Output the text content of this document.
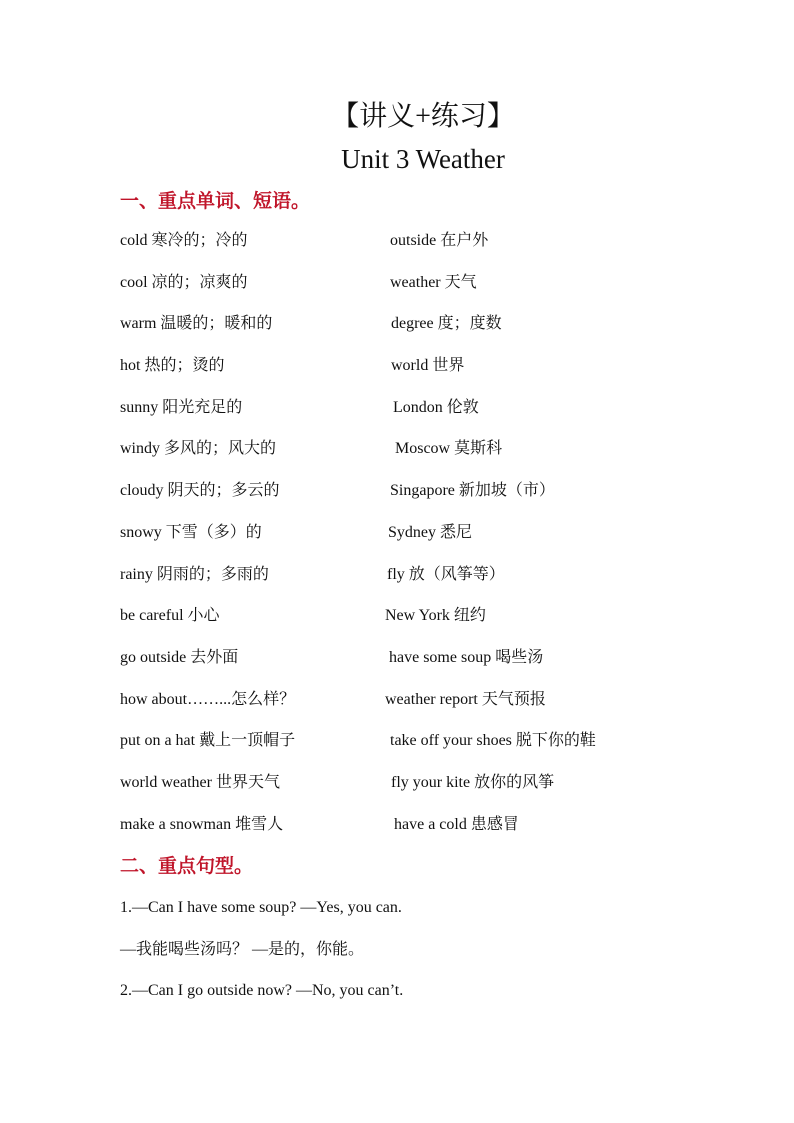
【讲义+练习】
Unit 3 Weather
一、重点单词、短语。
cold 寒冷的；冷的	outside 在户外
cool 凉的；凉爽的	weather 天气
warm 温暖的；暖和的	degree 度；度数
hot 热的；烫的	world 世界
sunny 阳光充足的	London 伦敦
windy 多风的；风大的	Moscow 莫斯科
cloudy 阴天的；多云的	Singapore 新加坡（市）
snowy 下雪（多）的	Sydney 悉尼
rainy 阴雨的；多雨的	fly 放（风筝等）
be careful 小心	New York 纽约
go outside 去外面	have some soup 喝些汤
how about……...怎么样？	weather report 天气预报
put on a hat 戴上一顶帽子	take off your shoes 脱下你的鞋
world weather 世界天气	fly your kite 放你的风筝
make a snowman 堆雪人	have a cold 患感冒
二、重点句型。
1.—Can I have some soup? —Yes, you can.
—我能喝些汤吗？ —是的，你能。
2.—Can I go outside now? —No, you can’t.
